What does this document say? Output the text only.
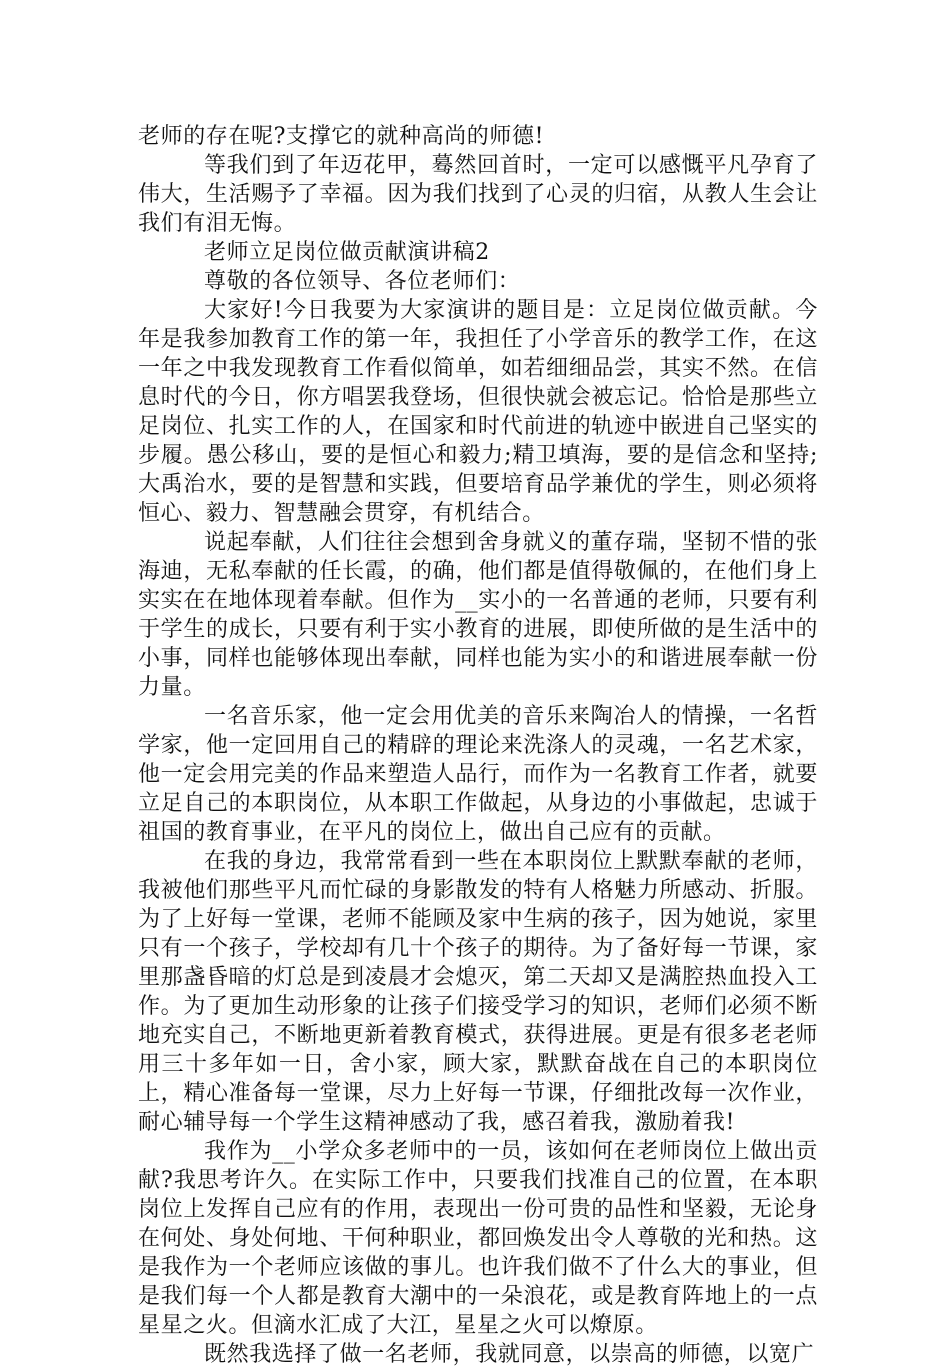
老师的存在呢?支撑它的就种高尚的师德!

等我们到了年迈花甲，蓦然回首时，一定可以感慨平凡孕育了伟大，生活赐予了幸福。因为我们找到了心灵的归宿，从教人生会让我们有泪无悔。

老师立足岗位做贡献演讲稿2

尊敬的各位领导、各位老师们：

大家好!今日我要为大家演讲的题目是：立足岗位做贡献。今年是我参加教育工作的第一年，我担任了小学音乐的教学工作，在这一年之中我发现教育工作看似简单，如若细细品尝，其实不然。在信息时代的今日，你方唱罢我登场，但很快就会被忘记。恰恰是那些立足岗位、扎实工作的人，在国家和时代前进的轨迹中嵌进自己坚实的步履。愚公移山，要的是恒心和毅力;精卫填海，要的是信念和坚持;大禹治水，要的是智慧和实践，但要培育品学兼优的学生，则必须将恒心、毅力、智慧融会贯穿，有机结合。

说起奉献，人们往往会想到舍身就义的董存瑞，坚韧不惜的张海迪，无私奉献的任长霞，的确，他们都是值得敬佩的，在他们身上实实在在地体现着奉献。但作为__实小的一名普通的老师，只要有利于学生的成长，只要有利于实小教育的进展，即使所做的是生活中的小事，同样也能够体现出奉献，同样也能为实小的和谐进展奉献一份力量。

一名音乐家，他一定会用优美的音乐来陶冶人的情操，一名哲学家，他一定回用自己的精辟的理论来洗涤人的灵魂，一名艺术家，他一定会用完美的作品来塑造人品行，而作为一名教育工作者，就要立足自己的本职岗位，从本职工作做起，从身边的小事做起，忠诚于祖国的教育事业，在平凡的岗位上，做出自己应有的贡献。

在我的身边，我常常看到一些在本职岗位上默默奉献的老师，我被他们那些平凡而忙碌的身影散发的特有人格魅力所感动、折服。为了上好每一堂课，老师不能顾及家中生病的孩子，因为她说，家里只有一个孩子，学校却有几十个孩子的期待。为了备好每一节课，家里那盏昏暗的灯总是到凌晨才会熄灭，第二天却又是满腔热血投入工作。为了更加生动形象的让孩子们接受学习的知识，老师们必须不断地充实自己，不断地更新着教育模式，获得进展。更是有很多老老师用三十多年如一日，舍小家，顾大家，默默奋战在自己的本职岗位上，精心准备每一堂课，尽力上好每一节课，仔细批改每一次作业，耐心辅导每一个学生这精神感动了我，感召着我，激励着我!

我作为__小学众多老师中的一员，该如何在老师岗位上做出贡献?我思考许久。在实际工作中，只要我们找准自己的位置，在本职岗位上发挥自己应有的作用，表现出一份可贵的品性和坚毅，无论身在何处、身处何地、干何种职业，都回焕发出令人尊敬的光和热。这是我作为一个老师应该做的事儿。也许我们做不了什么大的事业，但是我们每一个人都是教育大潮中的一朵浪花，或是教育阵地上的一点星星之火。但滴水汇成了大江，星星之火可以燎原。

既然我选择了做一名老师，我就同意，以崇高的师德，以宽广
